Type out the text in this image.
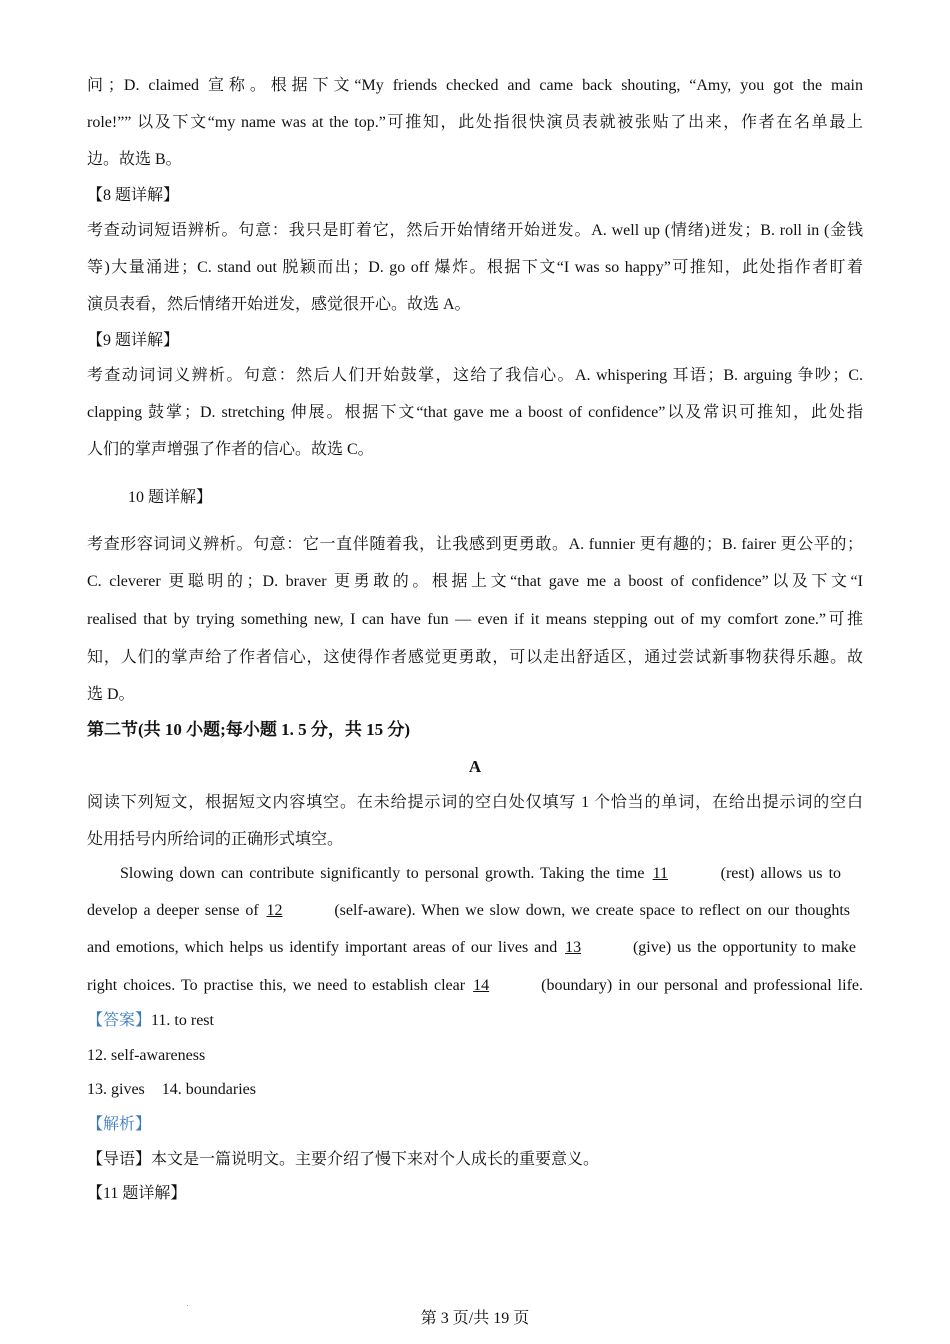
问；D. claimed 宣称。根据下文“My friends checked and came back shouting, “Amy, you got the main
role!”” 以及下文“my name was at the top.”可推知，此处指很快演员表就被张贴了出来，作者在名单最上
边。故选 B。
【8 题详解】
考查动词短语辨析。句意：我只是盯着它，然后开始情绪开始迸发。A. well up (情绪)迸发；B. roll in (金钱
等)大量涌进；C. stand out 脱颖而出；D. go off 爆炸。根据下文“I was so happy”可推知，此处指作者盯着
演员表看，然后情绪开始迸发，感觉很开心。故选 A。
【9 题详解】
考查动词词义辨析。句意：然后人们开始鼓掌，这给了我信心。A. whispering 耳语；B. arguing 争吵；C.
clapping 鼓掌；D. stretching 伸展。根据下文“that gave me a boost of confidence”以及常识可推知，此处指
人们的掌声增强了作者的信心。故选 C。
10 题详解】
考查形容词词义辨析。句意：它一直伴随着我，让我感到更勇敢。A. funnier 更有趣的；B. fairer 更公平的；
C. cleverer 更聪明的；D. braver 更勇敢的。根据上文“that gave me a boost of confidence”以及下文“I
realised that by trying something new, I can have fun — even if it means stepping out of my comfort zone.”可推
知，人们的掌声给了作者信心，这使得作者感觉更勇敢，可以走出舒适区，通过尝试新事物获得乐趣。故
选 D。
第二节(共 10 小题;每小题 1. 5 分，共 15 分)
A
阅读下列短文，根据短文内容填空。在未给提示词的空白处仅填写 1 个恰当的单词，在给出提示词的空白
处用括号内所给词的正确形式填空。
Slowing down can contribute significantly to personal growth. Taking the time 11	(rest) allows us to
develop a deeper sense of 12	(self-aware). When we slow down, we create space to reflect on our thoughts
and emotions, which helps us identify important areas of our lives and 13	(give) us the opportunity to make
right choices. To practise this, we need to establish clear 14	(boundary) in our personal and professional life.
【答案】11. to rest
12. self-awareness
13. gives 14. boundaries
【解析】
【导语】本文是一篇说明文。主要介绍了慢下来对个人成长的重要意义。
【11 题详解】
第 3 页/共 19 页
